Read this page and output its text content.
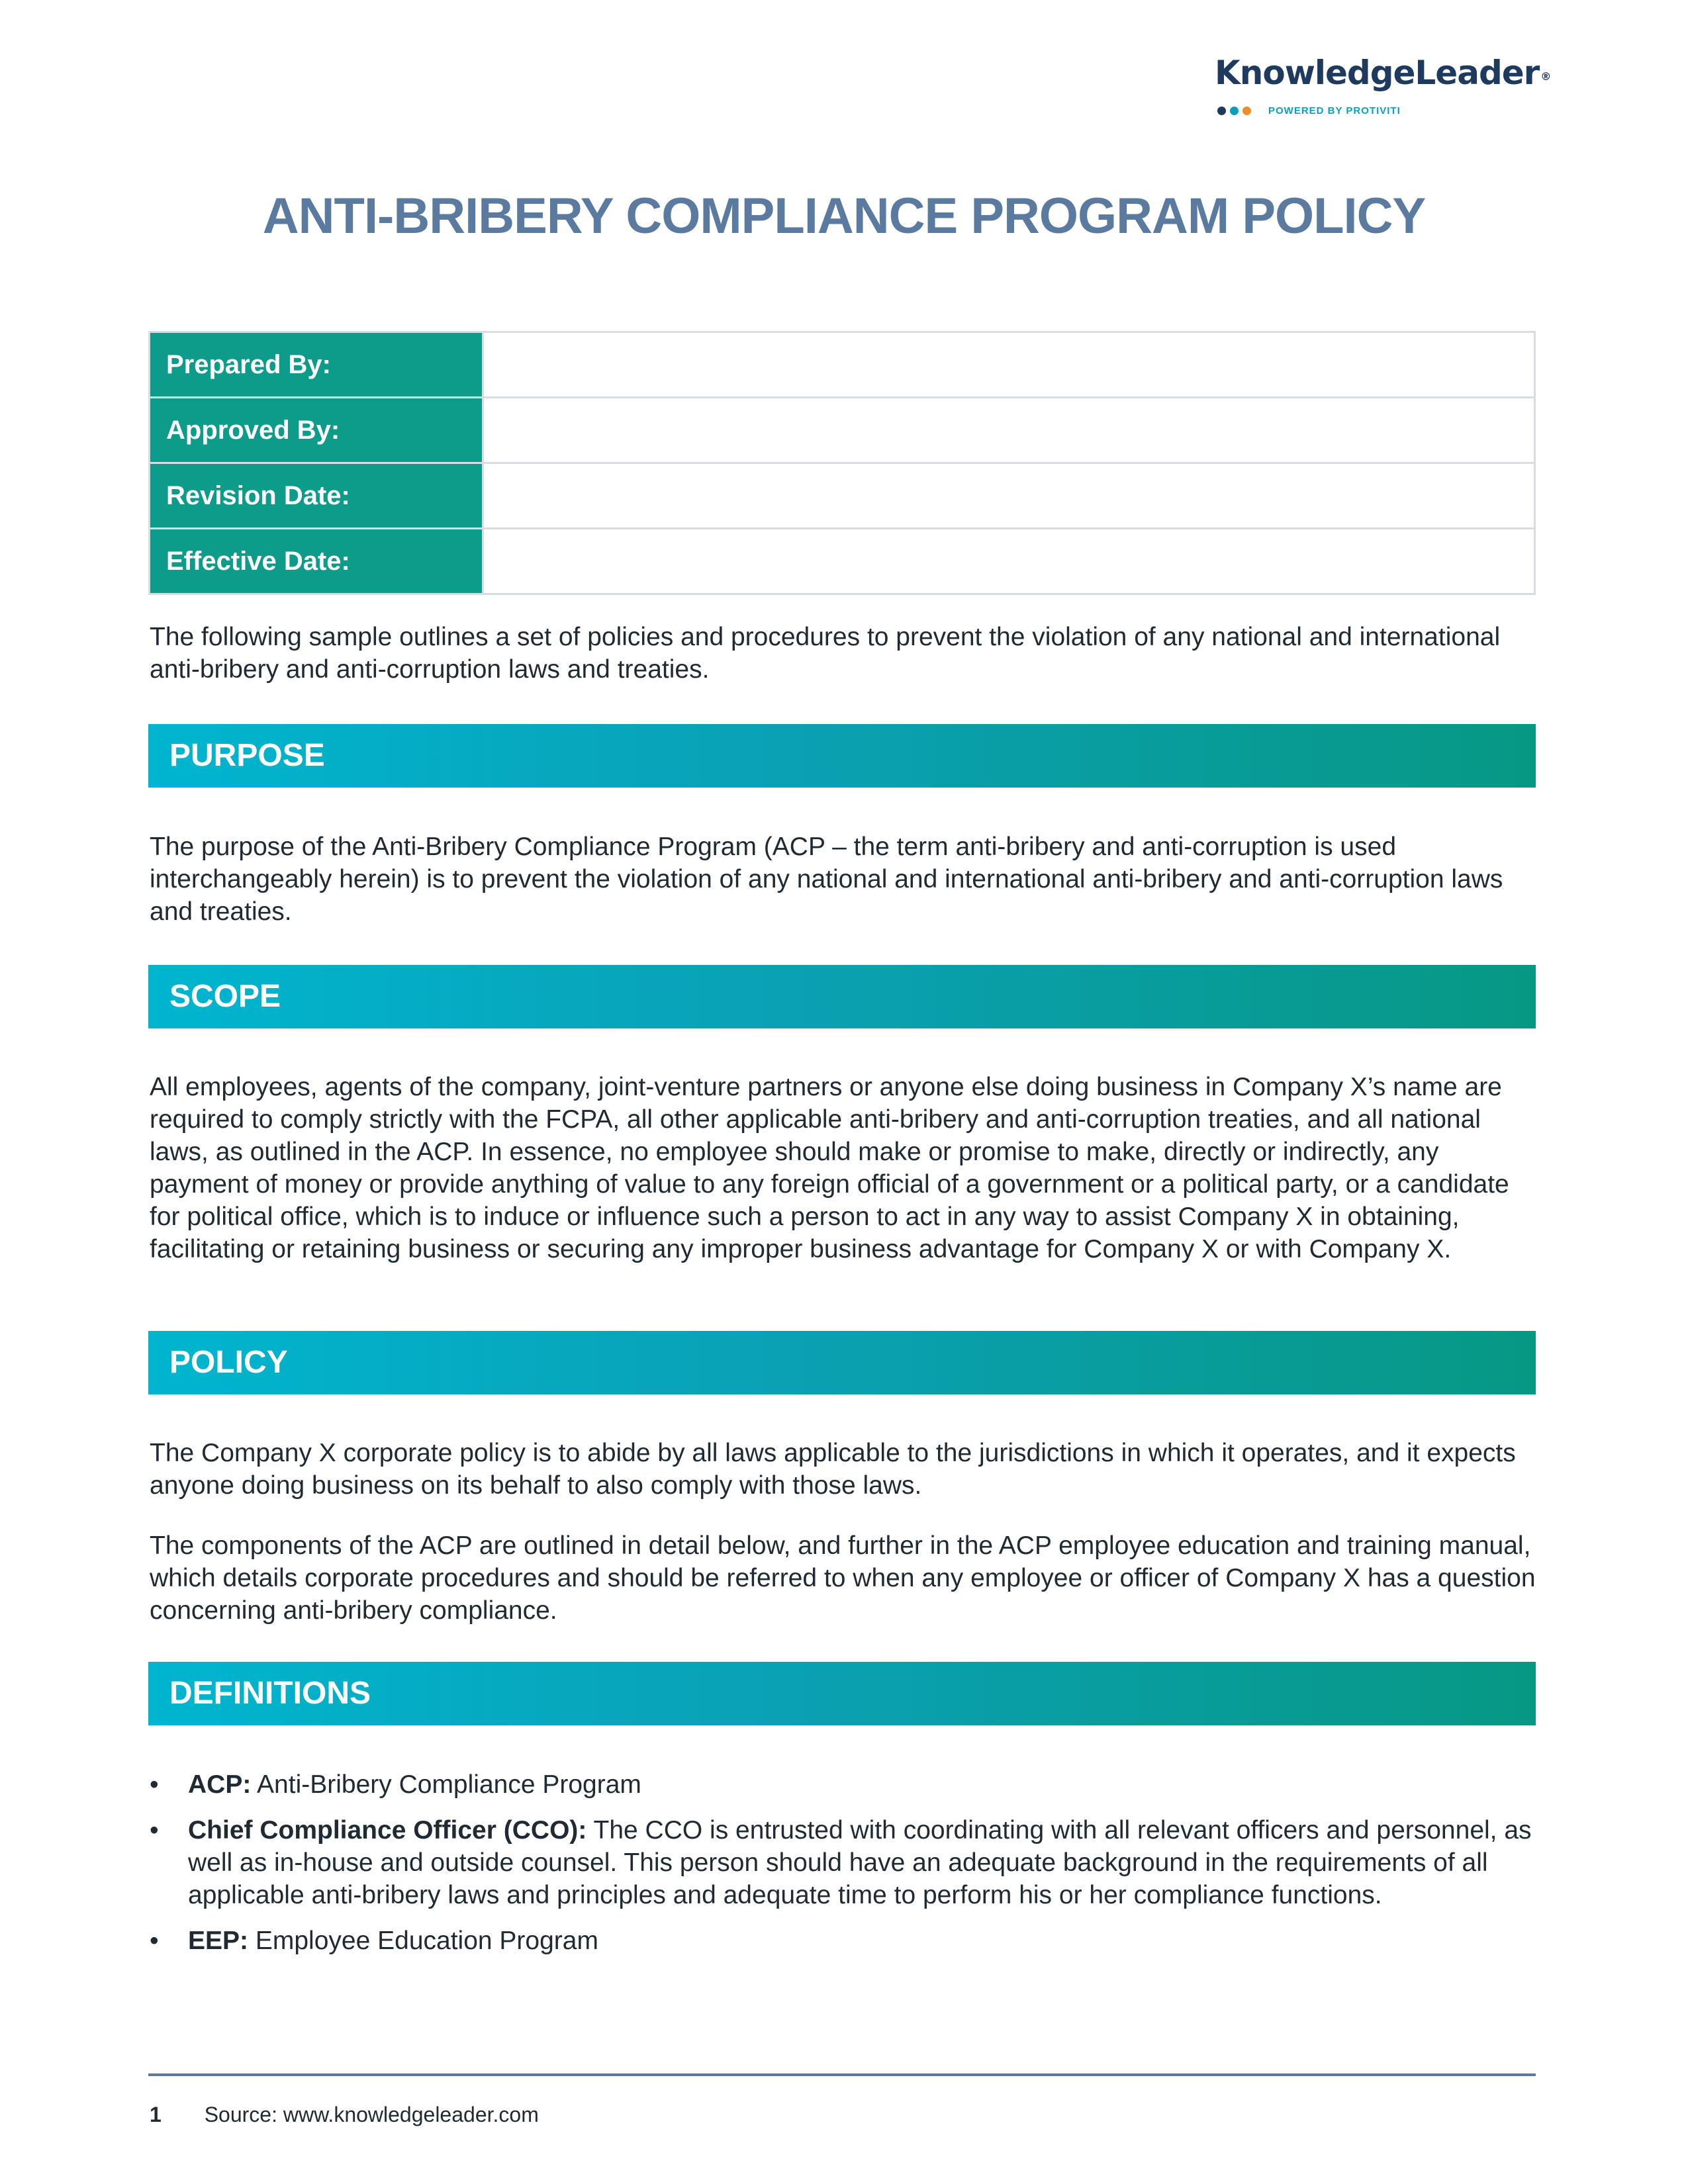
KnowledgeLeader ®
POWERED BY PROTIVITI
ANTI-BRIBERY COMPLIANCE PROGRAM POLICY
Prepared By:	
Approved By:	
Revision Date:	
Effective Date:	

The following sample outlines a set of policies and procedures to prevent the violation of any national and international anti-bribery and anti-corruption laws and treaties.

PURPOSE

The purpose of the Anti-Bribery Compliance Program (ACP – the term anti-bribery and anti-corruption is used interchangeably herein) is to prevent the violation of any national and international anti-bribery and anti-corruption laws and treaties.

SCOPE

All employees, agents of the company, joint-venture partners or anyone else doing business in Company X’s name are required to comply strictly with the FCPA, all other applicable anti-bribery and anti-corruption treaties, and all national laws, as outlined in the ACP. In essence, no employee should make or promise to make, directly or indirectly, any payment of money or provide anything of value to any foreign official of a government or a political party, or a candidate for political office, which is to induce or influence such a person to act in any way to assist Company X in obtaining, facilitating or retaining business or securing any improper business advantage for Company X or with Company X.

POLICY

The Company X corporate policy is to abide by all laws applicable to the jurisdictions in which it operates, and it expects anyone doing business on its behalf to also comply with those laws.

The components of the ACP are outlined in detail below, and further in the ACP employee education and training manual, which details corporate procedures and should be referred to when any employee or officer of Company X has a question concerning anti-bribery compliance.

DEFINITIONS
• ACP: Anti-Bribery Compliance Program
• Chief Compliance Officer (CCO): The CCO is entrusted with coordinating with all relevant officers and personnel, as well as in-house and outside counsel. This person should have an adequate background in the requirements of all applicable anti-bribery laws and principles and adequate time to perform his or her compliance functions.
• EEP: Employee Education Program
1 Source: www.knowledgeleader.com
